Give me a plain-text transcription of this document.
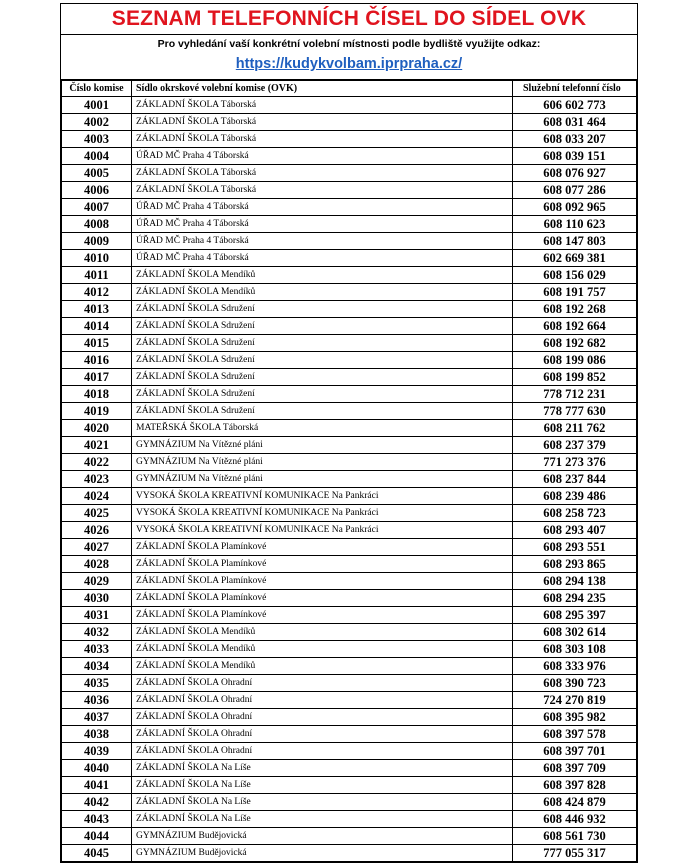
SEZNAM TELEFONNÍCH ČÍSEL DO SÍDEL OVK
Pro vyhledání vaší konkrétní volební místnosti podle bydliště využijte odkaz:
https://kudykvolbam.iprpraha.cz/
Číslo komise	Sídlo okrskové volební komise (OVK)	Služební telefonní číslo
4001	ZÁKLADNÍ ŠKOLA Táborská	606 602 773
4002	ZÁKLADNÍ ŠKOLA Táborská	608 031 464
4003	ZÁKLADNÍ ŠKOLA Táborská	608 033 207
4004	ÚŘAD MČ Praha 4 Táborská	608 039 151
4005	ZÁKLADNÍ ŠKOLA Táborská	608 076 927
4006	ZÁKLADNÍ ŠKOLA Táborská	608 077 286
4007	ÚŘAD MČ Praha 4 Táborská	608 092 965
4008	ÚŘAD MČ Praha 4 Táborská	608 110 623
4009	ÚŘAD MČ Praha 4 Táborská	608 147 803
4010	ÚŘAD MČ Praha 4 Táborská	602 669 381
4011	ZÁKLADNÍ ŠKOLA Mendíků	608 156 029
4012	ZÁKLADNÍ ŠKOLA Mendíků	608 191 757
4013	ZÁKLADNÍ ŠKOLA Sdružení	608 192 268
4014	ZÁKLADNÍ ŠKOLA Sdružení	608 192 664
4015	ZÁKLADNÍ ŠKOLA Sdružení	608 192 682
4016	ZÁKLADNÍ ŠKOLA Sdružení	608 199 086
4017	ZÁKLADNÍ ŠKOLA Sdružení	608 199 852
4018	ZÁKLADNÍ ŠKOLA Sdružení	778 712 231
4019	ZÁKLADNÍ ŠKOLA Sdružení	778 777 630
4020	MATEŘSKÁ ŠKOLA Táborská	608 211 762
4021	GYMNÁZIUM Na Vítězné pláni	608 237 379
4022	GYMNÁZIUM Na Vítězné pláni	771 273 376
4023	GYMNÁZIUM Na Vítězné pláni	608 237 844
4024	VYSOKÁ ŠKOLA KREATIVNÍ KOMUNIKACE Na Pankráci	608 239 486
4025	VYSOKÁ ŠKOLA KREATIVNÍ KOMUNIKACE Na Pankráci	608 258 723
4026	VYSOKÁ ŠKOLA KREATIVNÍ KOMUNIKACE Na Pankráci	608 293 407
4027	ZÁKLADNÍ ŠKOLA Plamínkové	608 293 551
4028	ZÁKLADNÍ ŠKOLA Plamínkové	608 293 865
4029	ZÁKLADNÍ ŠKOLA Plamínkové	608 294 138
4030	ZÁKLADNÍ ŠKOLA Plamínkové	608 294 235
4031	ZÁKLADNÍ ŠKOLA Plamínkové	608 295 397
4032	ZÁKLADNÍ ŠKOLA Mendíků	608 302 614
4033	ZÁKLADNÍ ŠKOLA Mendíků	608 303 108
4034	ZÁKLADNÍ ŠKOLA Mendíků	608 333 976
4035	ZÁKLADNÍ ŠKOLA Ohradní	608 390 723
4036	ZÁKLADNÍ ŠKOLA Ohradní	724 270 819
4037	ZÁKLADNÍ ŠKOLA Ohradní	608 395 982
4038	ZÁKLADNÍ ŠKOLA Ohradní	608 397 578
4039	ZÁKLADNÍ ŠKOLA Ohradní	608 397 701
4040	ZÁKLADNÍ ŠKOLA Na Líše	608 397 709
4041	ZÁKLADNÍ ŠKOLA Na Líše	608 397 828
4042	ZÁKLADNÍ ŠKOLA Na Líše	608 424 879
4043	ZÁKLADNÍ ŠKOLA Na Líše	608 446 932
4044	GYMNÁZIUM Budějovická	608 561 730
4045	GYMNÁZIUM Budějovická	777 055 317
